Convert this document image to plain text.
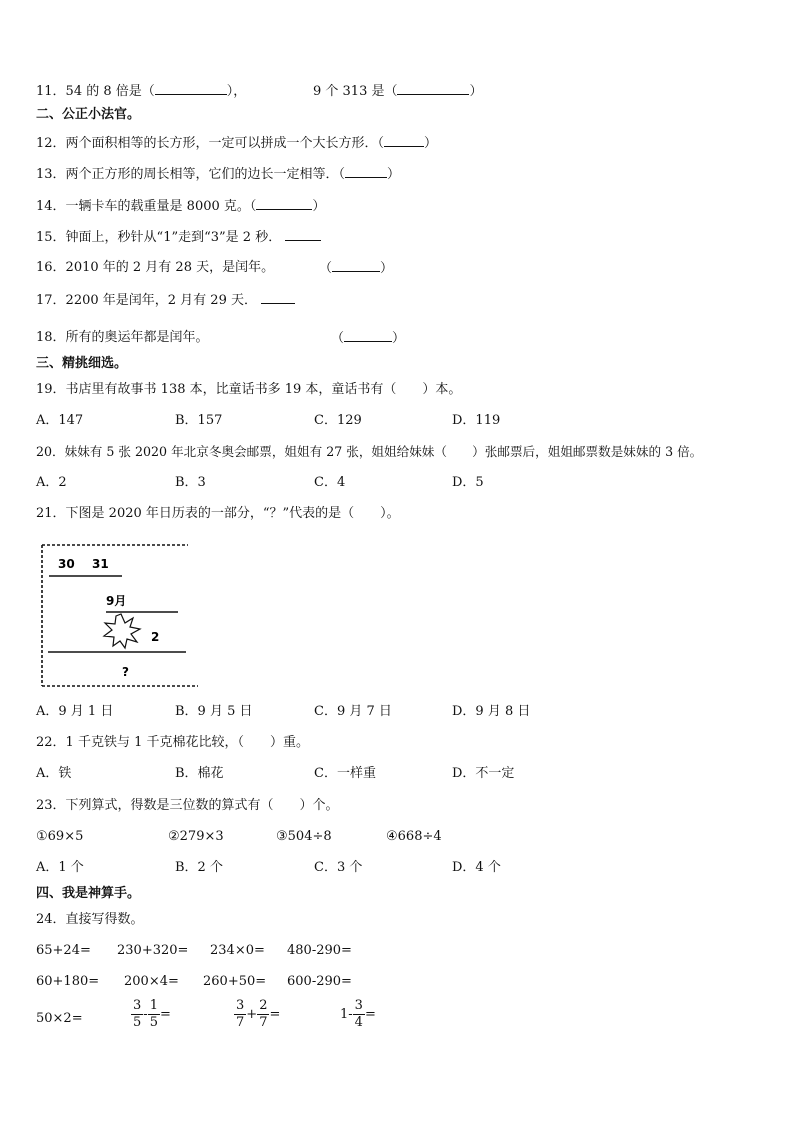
11．54 的 8 倍是（	），	9 个 313 是（	）
二、公正小法官。
12．两个面积相等的长方形，一定可以拼成一个大长方形．（	）
13．两个正方形的周长相等，它们的边长一定相等．（	）
14．一辆卡车的载重量是 8000 克。（	）
15．钟面上，秒针从“1”走到“3”是 2 秒．
16．2010 年的 2 月有 28 天，是闰年。	（	）
17．2200 年是闰年，2 月有 29 天．
18．所有的奥运年都是闰年。	（	）
三、精挑细选。
19．书店里有故事书 138 本，比童话书多 19 本，童话书有（　　）本。
A．147	B．157	C．129	D．119
20．妹妹有 5 张 2020 年北京冬奥会邮票，姐姐有 27 张，姐姐给妹妹（　　）张邮票后，姐姐邮票数是妹妹的 3 倍。
A．2	B．3	C．4	D．5
21．下图是 2020 年日历表的一部分，“？”代表的是（　　）。
30 31
9月
2
?
A．9 月 1 日	B．9 月 5 日	C．9 月 7 日	D．9 月 8 日
22．1 千克铁与 1 千克棉花比较，（　　）重。
A．铁	B．棉花	C．一样重	D．不一定
23．下列算式，得数是三位数的算式有（　　）个。
①69×5	②279×3	③504÷8	④668÷4
A．1 个	B．2 个	C．3 个	D．4 个
四、我是神算手。
24．直接写得数。
65+24= 230+320= 234×0= 480-290=
60+180= 200×4= 260+50= 600-290=
50×2=	$\frac{3}{5} - \frac{1}{5}$ =	$\frac{3}{7} + \frac{2}{7}$ =	$1- \frac{3}{4}$ =
